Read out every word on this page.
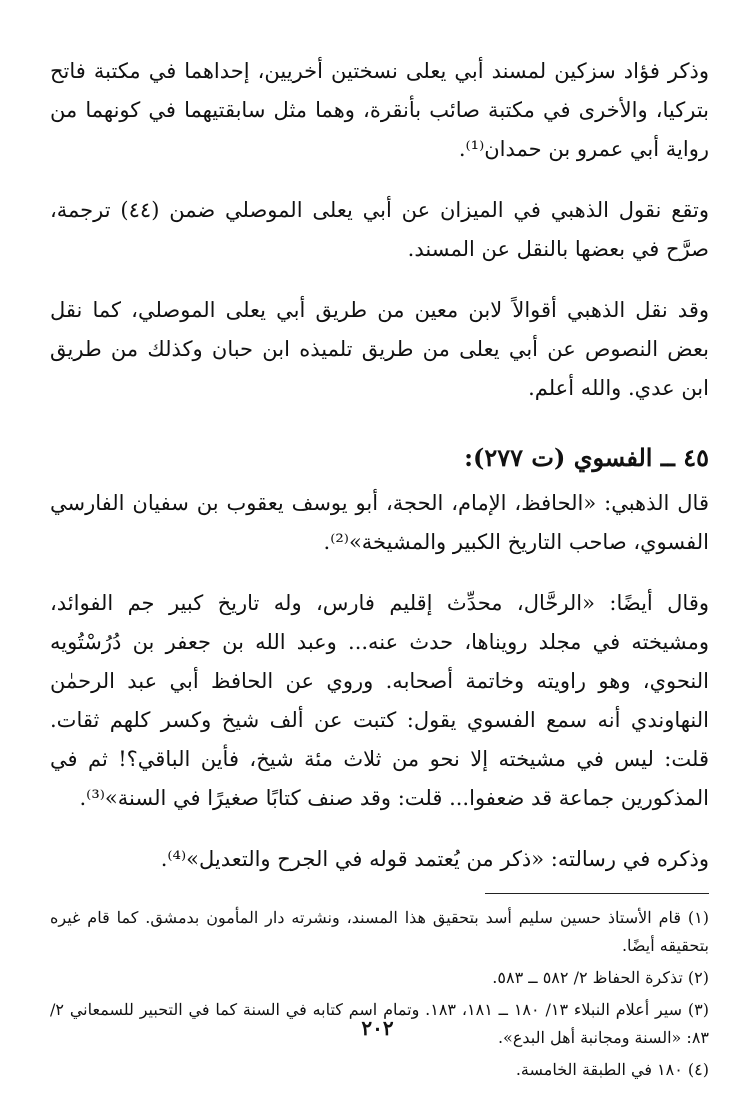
وذكر فؤاد سزكين لمسند أبي يعلى نسختين أخريين، إحداهما في مكتبة فاتح بتركيا، والأخرى في مكتبة صائب بأنقرة، وهما مثل سابقتيهما في كونهما من رواية أبي عمرو بن حمدان⁽¹⁾.

وتقع نقول الذهبي في الميزان عن أبي يعلى الموصلي ضمن (٤٤) ترجمة، صرَّح في بعضها بالنقل عن المسند.

وقد نقل الذهبي أقوالاً لابن معين من طريق أبي يعلى الموصلي، كما نقل بعض النصوص عن أبي يعلى من طريق تلميذه ابن حبان وكذلك من طريق ابن عدي. والله أعلم.

٤٥ ــ الفسوي (ت ٢٧٧):

قال الذهبي: «الحافظ، الإمام، الحجة، أبو يوسف يعقوب بن سفيان الفارسي الفسوي، صاحب التاريخ الكبير والمشيخة»⁽²⁾.

وقال أيضًا: «الرحَّال، محدِّث إقليم فارس، وله تاريخ كبير جم الفوائد، ومشيخته في مجلد رويناها، حدث عنه... وعبد الله بن جعفر بن دُرُسْتُويه النحوي، وهو راويته وخاتمة أصحابه. وروي عن الحافظ أبي عبد الرحمٰن النهاوندي أنه سمع الفسوي يقول: كتبت عن ألف شيخ وكسر كلهم ثقات. قلت: ليس في مشيخته إلا نحو من ثلاث مئة شيخ، فأين الباقي؟! ثم في المذكورين جماعة قد ضعفوا... قلت: وقد صنف كتابًا صغيرًا في السنة»⁽³⁾.

وذكره في رسالته: «ذكر من يُعتمد قوله في الجرح والتعديل»⁽⁴⁾.

(١) قام الأستاذ حسين سليم أسد بتحقيق هذا المسند، ونشرته دار المأمون بدمشق. كما قام غيره بتحقيقه أيضًا.

(٢) تذكرة الحفاظ ٢/ ٥٨٢ ــ ٥٨٣.

(٣) سير أعلام النبلاء ١٣/ ١٨٠ ــ ١٨١، ١٨٣. وتمام اسم كتابه في السنة كما في التحبير للسمعاني ٢/ ٨٣: «السنة ومجانبة أهل البدع».

(٤) ١٨٠ في الطبقة الخامسة.

٢٠٢
